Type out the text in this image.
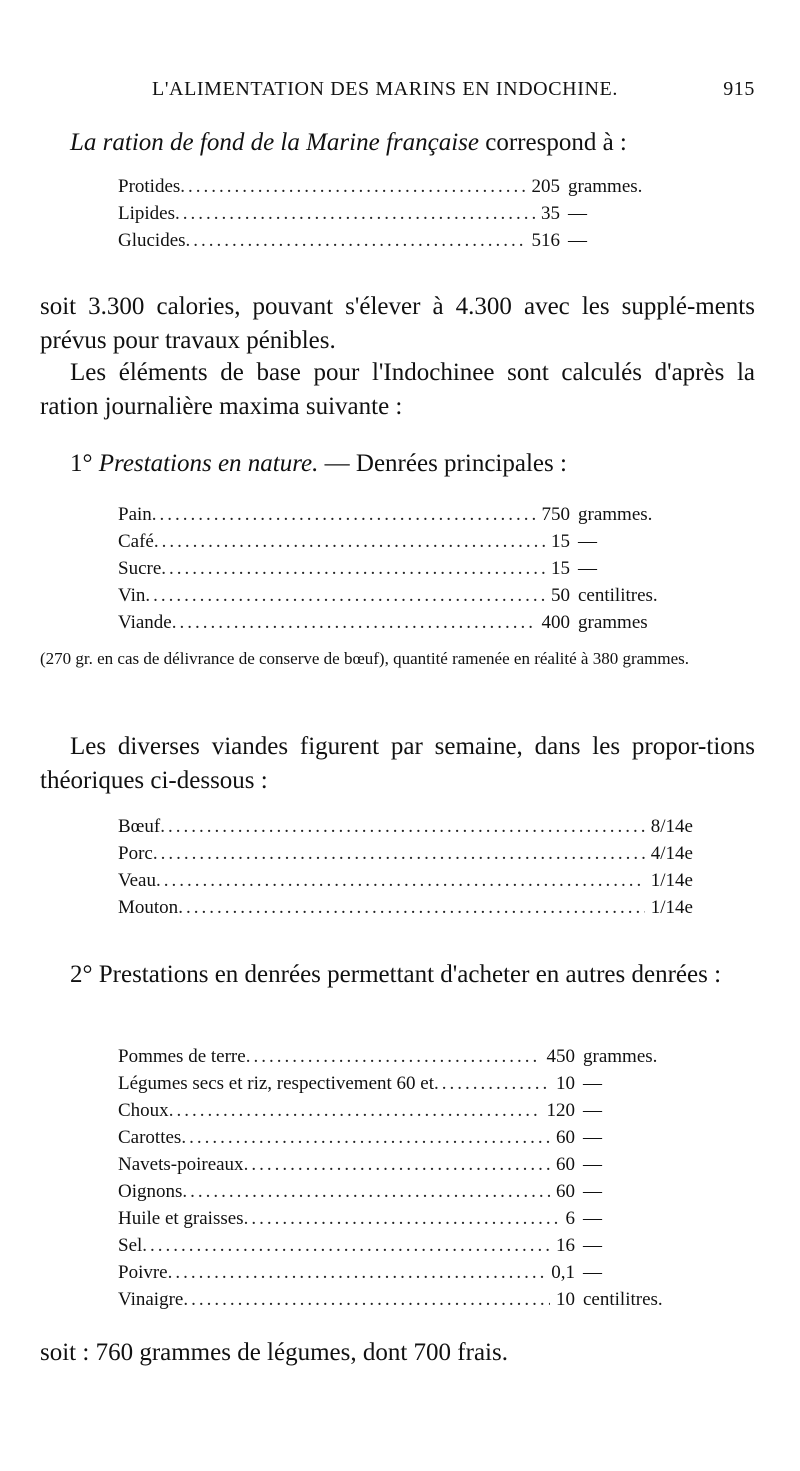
L'ALIMENTATION DES MARINS EN INDOCHINE.	915

La ration de fond de la Marine française correspond à :

Protides .....	205 grammes.
Lipides .....	35 —
Glucides .....	516 —

soit 3.300 calories, pouvant s'élever à 4.300 avec les supplé-ments prévus pour travaux pénibles.

Les éléments de base pour l'Indochinee sont calculés d'après la ration journalière maxima suivante :

1° Prestations en nature. — Denrées principales :
Pain .....	750 grammes.
Café .....	15 —
Sucre .....	15 —
Vin .....	50 centilitres.
Viande .....	400 grammes

(270 gr. en cas de délivrance de conserve de bœuf), quantité ramenée en réalité à 380 grammes.

Les diverses viandes figurent par semaine, dans les propor-tions théoriques ci-dessous :

Bœuf .....	8/14e
Porc .....	4/14e
Veau .....	1/14e
Mouton .....	1/14e

2° Prestations en denrées permettant d'acheter en autres denrées :

Pommes de terre .....	450 grammes.
Légumes secs et riz, respectivement 60 et .....	10 —
Choux .....	120 —
Carottes .....	60 —
Navets-poireaux .....	60 —
Oignons .....	60 —
Huile et graisses .....	6 —
Sel .....	16 —
Poivre .....	0,1 —
Vinaigre .....	10 centilitres.

soit : 760 grammes de légumes, dont 700 frais.
